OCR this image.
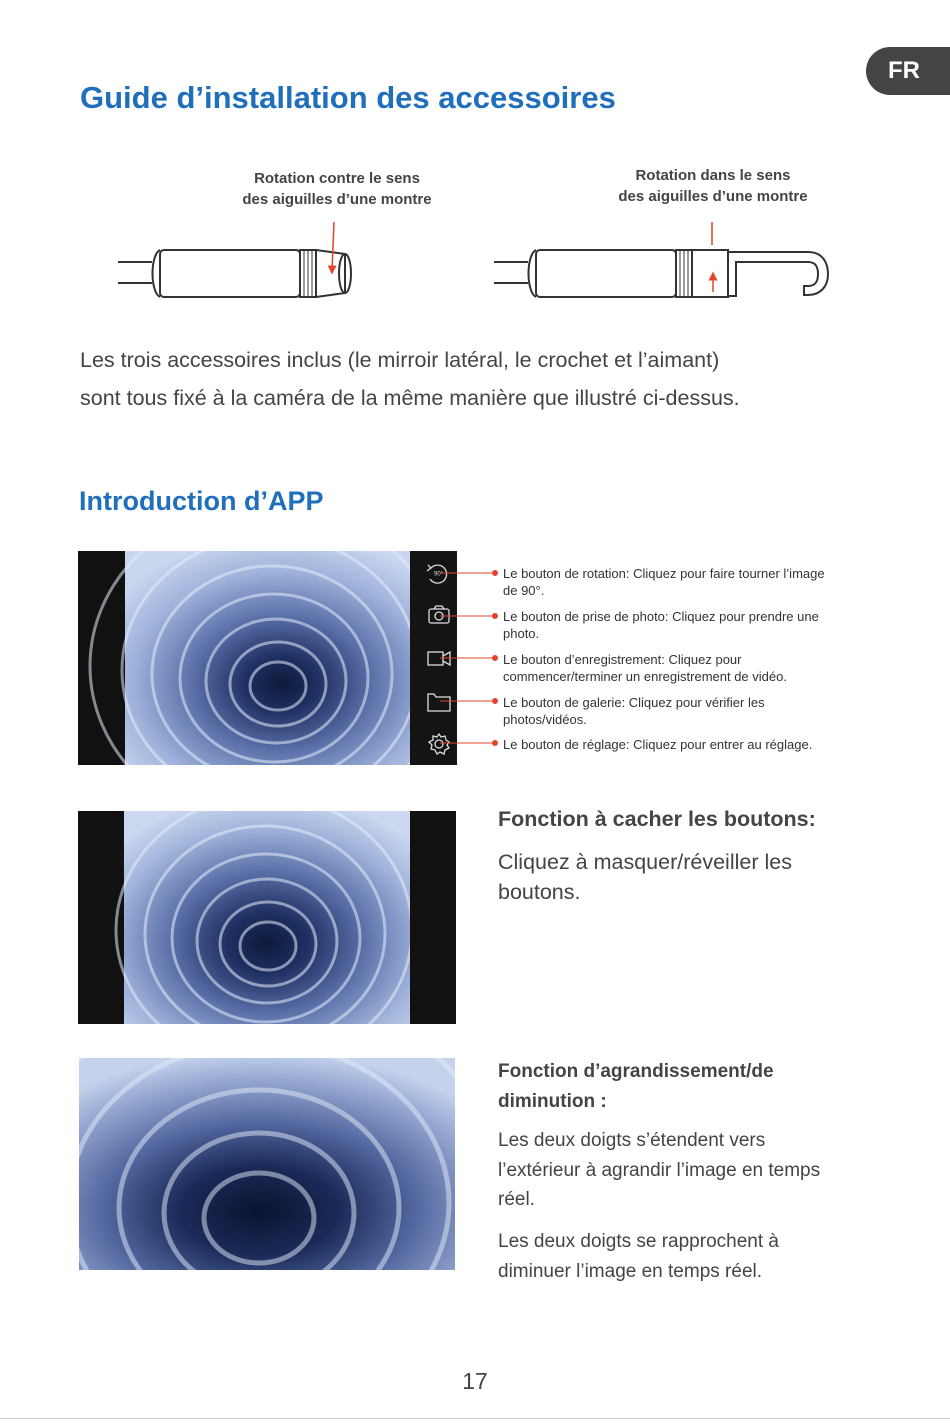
FR
Guide d’installation des accessoires
Rotation contre le sens
des aiguilles d’une montre
Rotation dans le sens
des aiguilles d’une montre
Les trois accessoires inclus (le mirroir latéral, le crochet et l’aimant)
sont tous fixé à la caméra de la même manière que illustré ci-dessus.
Introduction d’APP
90°	Le bouton de rotation: Cliquez pour faire tourner l’image
de 90°.
Le bouton de prise de photo: Cliquez pour prendre une
photo.
Le bouton d’enregistrement: Cliquez pour
commencer/terminer un enregistrement de vidéo.
Le bouton de galerie: Cliquez pour vérifier les
photos/vidéos.
Le bouton de réglage: Cliquez pour entrer au réglage.
Fonction à cacher les boutons:
Cliquez à masquer/réveiller les
boutons.
Fonction d’agrandissement/de
diminution :
Les deux doigts s’étendent vers
l’extérieur à agrandir l’image en temps
réel.
Les deux doigts se rapprochent à
diminuer l’image en temps réel.
17
